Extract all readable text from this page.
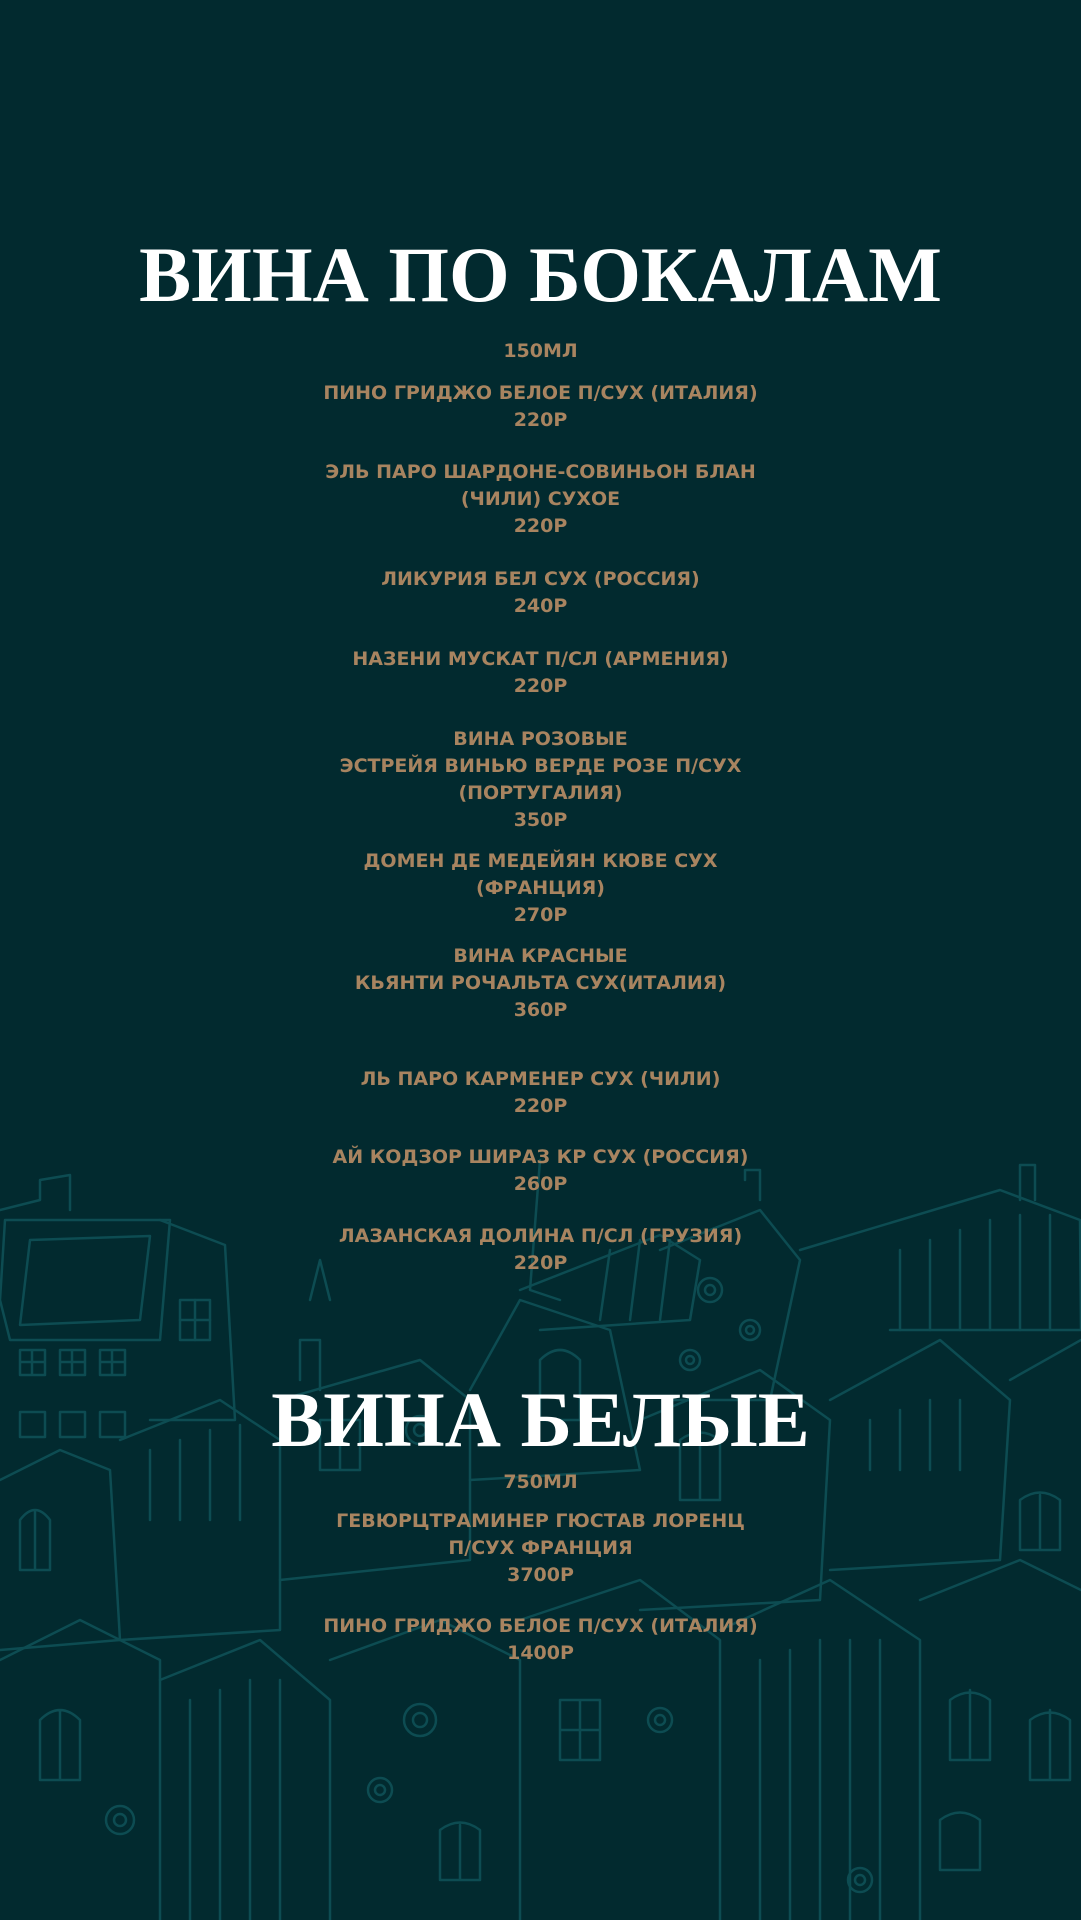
ВИНА ПО БОКАЛАМ
150МЛ
ПИНО ГРИДЖО БЕЛОЕ П/СУХ (ИТАЛИЯ)
220Р
ЭЛЬ ПАРО ШАРДОНЕ-СОВИНЬОН БЛАН
(ЧИЛИ) СУХОЕ
220Р
ЛИКУРИЯ БЕЛ СУХ (РОССИЯ)
240Р
НАЗЕНИ МУСКАТ П/СЛ (АРМЕНИЯ)
220Р
ВИНА РОЗОВЫЕ
ЭСТРЕЙЯ ВИНЬЮ ВЕРДЕ РОЗЕ П/СУХ
(ПОРТУГАЛИЯ)
350Р
ДОМЕН ДЕ МЕДЕЙЯН КЮВЕ СУХ
(ФРАНЦИЯ)
270Р
ВИНА КРАСНЫЕ
КЬЯНТИ РОЧАЛЬТА СУХ(ИТАЛИЯ)
360Р
ЛЬ ПАРО КАРМЕНЕР СУХ (ЧИЛИ)
220Р
АЙ КОДЗОР ШИРАЗ КР СУХ (РОССИЯ)
260Р
ЛАЗАНСКАЯ ДОЛИНА П/СЛ (ГРУЗИЯ)
220Р
ВИНА БЕЛЫЕ
750МЛ
ГЕВЮРЦТРАМИНЕР ГЮСТАВ ЛОРЕНЦ
П/СУХ ФРАНЦИЯ
3700Р
ПИНО ГРИДЖО БЕЛОЕ П/СУХ (ИТАЛИЯ)
1400Р
